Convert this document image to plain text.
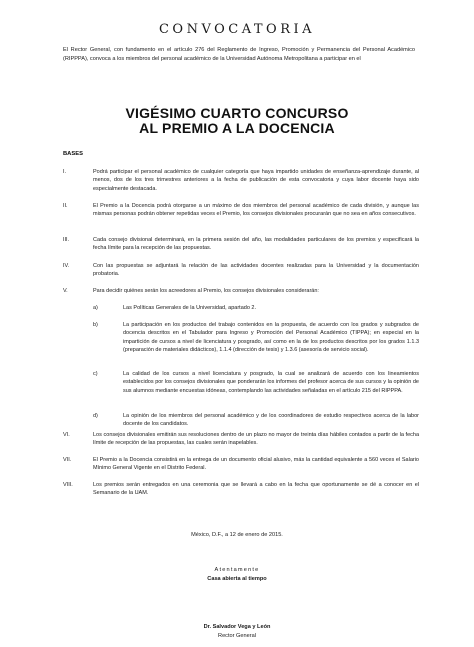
CONVOCATORIA
El Rector General, con fundamento en el artículo 276 del Reglamento de Ingreso, Promoción y Permanencia del Personal Académico (RIPPPA), convoca a los miembros del personal académico de la Universidad Autónoma Metropolitana a participar en el
VIGÉSIMO CUARTO CONCURSO
AL PREMIO A LA DOCENCIA
BASES
I.	Podrá participar el personal académico de cualquier categoría que haya impartido unidades de enseñanza-aprendizaje durante, al menos, dos de los tres trimestres anteriores a la fecha de publicación de esta convocatoria y cuya labor docente haya sido especialmente destacada.
II.	El Premio a la Docencia podrá otorgarse a un máximo de dos miembros del personal académico de cada división, y aunque las mismas personas podrán obtener repetidas veces el Premio, los consejos divisionales procurarán que no sea en años consecutivos.
III.	Cada consejo divisional determinará, en la primera sesión del año, las modalidades particulares de los premios y especificará la fecha límite para la recepción de las propuestas.
IV.	Con las propuestas se adjuntará la relación de las actividades docentes realizadas para la Universidad y la documentación probatoria.
V.	Para decidir quiénes serán los acreedores al Premio, los consejos divisionales considerarán:
a)	Las Políticas Generales de la Universidad, apartado 2.
b)	La participación en los productos del trabajo contenidos en la propuesta, de acuerdo con los grados y subgrados de docencia descritos en el Tabulador para Ingreso y Promoción del Personal Académico (TIPPA); en especial en la impartición de cursos a nivel de licenciatura y posgrado, así como en la de los productos descritos por los grados 1.1.3 (preparación de materiales didácticos), 1.1.4 (dirección de tesis) y 1.3.6 (asesoría de servicio social).
c)	La calidad de los cursos a nivel licenciatura y posgrado, la cual se analizará de acuerdo con los lineamientos establecidos por los consejos divisionales que ponderarán los informes del profesor acerca de sus cursos y la opinión de sus alumnos mediante encuestas idóneas, contemplando las actividades señaladas en el artículo 215 del RIPPPA.
d)	La opinión de los miembros del personal académico y de los coordinadores de estudio respectivos acerca de la labor docente de los candidatos.
VI.	Los consejos divisionales emitirán sus resoluciones dentro de un plazo no mayor de treinta días hábiles contados a partir de la fecha límite de recepción de las propuestas, las cuales serán inapelables.
VII.	El Premio a la Docencia consistirá en la entrega de un documento oficial alusivo, más la cantidad equivalente a 560 veces el Salario Mínimo General Vigente en el Distrito Federal.
VIII.	Los premios serán entregados en una ceremonia que se llevará a cabo en la fecha que oportunamente se dé a conocer en el Semanario de la UAM.
México, D.F., a 12 de enero de 2015.
Atentamente
Casa abierta al tiempo
Dr. Salvador Vega y León
Rector General
